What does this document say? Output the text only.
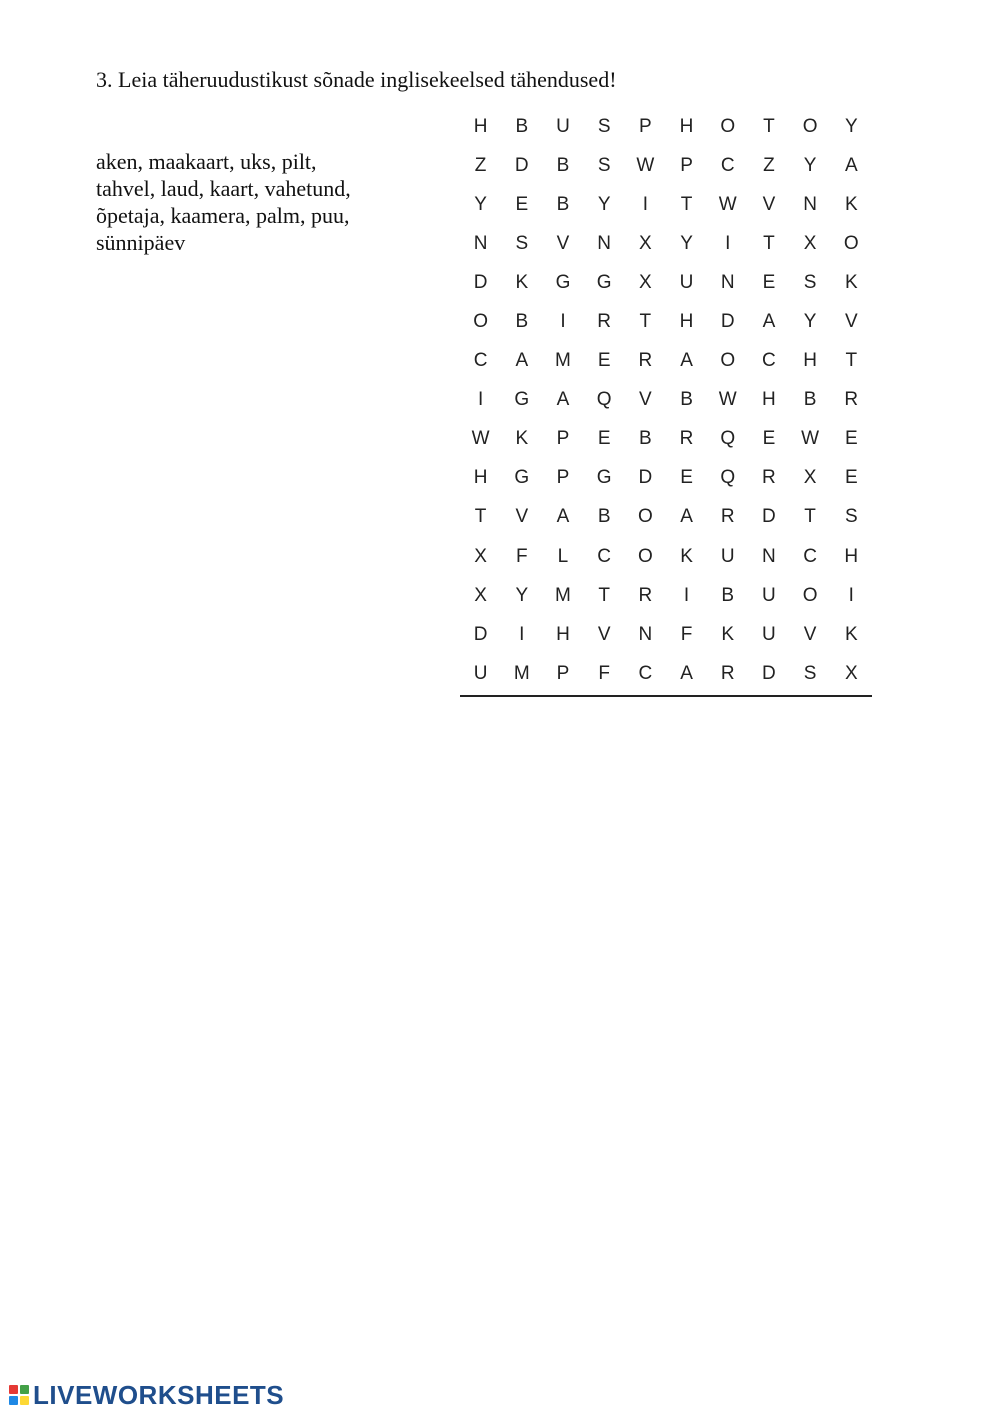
3. Leia täheruudustikust sõnade inglisekeelsed tähendused!
aken, maakaart, uks, pilt,
tahvel, laud, kaart, vahetund,
õpetaja, kaamera, palm, puu,
sünnipäev
H	B	U	S	P	H	O	T	O	Y
Z	D	B	S	W	P	C	Z	Y	A
Y	E	B	Y	I	T	W	V	N	K
N	S	V	N	X	Y	I	T	X	O
D	K	G	G	X	U	N	E	S	K
O	B	I	R	T	H	D	A	Y	V
C	A	M	E	R	A	O	C	H	T
I	G	A	Q	V	B	W	H	B	R
W	K	P	E	B	R	Q	E	W	E
H	G	P	G	D	E	Q	R	X	E
T	V	A	B	O	A	R	D	T	S
X	F	L	C	O	K	U	N	C	H
X	Y	M	T	R	I	B	U	O	I
D	I	H	V	N	F	K	U	V	K
U	M	P	F	C	A	R	D	S	X
LIVEWORKSHEETS
